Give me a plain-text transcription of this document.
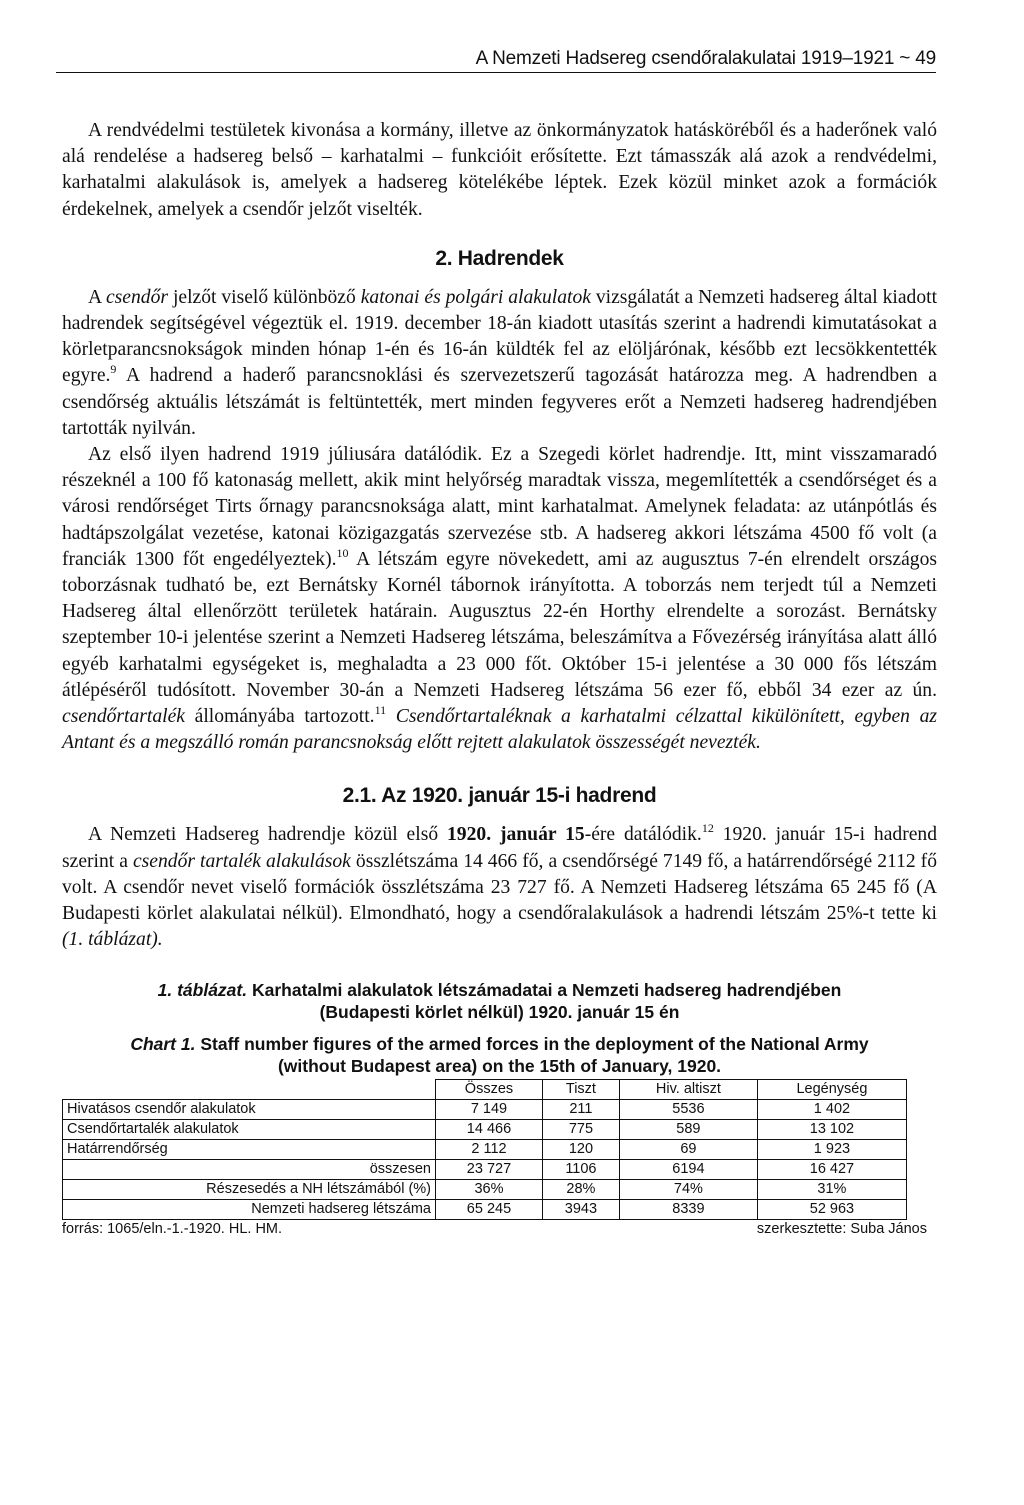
A Nemzeti Hadsereg csendőralakulatai 1919–1921 ~ 49

A rendvédelmi testületek kivonása a kormány, illetve az önkormányzatok hatásköréből és a haderőnek való alá rendelése a hadsereg belső – karhatalmi – funkcióit erősítette. Ezt támasszák alá azok a rendvédelmi, karhatalmi alakulások is, amelyek a hadsereg kötelékébe léptek. Ezek közül minket azok a formációk érdekelnek, amelyek a csendőr jelzőt viselték.

2. Hadrendek

A csendőr jelzőt viselő különböző katonai és polgári alakulatok vizsgálatát a Nemzeti hadsereg által kiadott hadrendek segítségével végeztük el. 1919. december 18-án kiadott utasítás szerint a hadrendi kimutatásokat a körletparancsnokságok minden hónap 1-én és 16-án küldték fel az elöljárónak, később ezt lecsökkentették egyre.$^9$ A hadrend a haderő parancsnoklási és szervezetszerű tagozását határozza meg. A hadrendben a csendőrség aktuális létszámát is feltüntették, mert minden fegyveres erőt a Nemzeti hadsereg hadrendjében tartották nyilván.

Az első ilyen hadrend 1919 júliusára datálódik. Ez a Szegedi körlet hadrendje. Itt, mint visszamaradó részeknél a 100 fő katonaság mellett, akik mint helyőrség maradtak vissza, megemlítették a csendőrséget és a városi rendőrséget Tirts őrnagy parancsnoksága alatt, mint karhatalmat. Amelynek feladata: az utánpótlás és hadtápszolgálat vezetése, katonai közigazgatás szervezése stb. A hadsereg akkori létszáma 4500 fő volt (a franciák 1300 főt engedélyeztek).$^{10}$ A létszám egyre növekedett, ami az augusztus 7-én elrendelt országos toborzásnak tudható be, ezt Bernátsky Kornél tábornok irányította. A toborzás nem terjedt túl a Nemzeti Hadsereg által ellenőrzött területek határain. Augusztus 22-én Horthy elrendelte a sorozást. Bernátsky szeptember 10-i jelentése szerint a Nemzeti Hadsereg létszáma, beleszámítva a Fővezérség irányítása alatt álló egyéb karhatalmi egységeket is, meghaladta a 23 000 főt. Október 15-i jelentése a 30 000 fős létszám átlépéséről tudósított. November 30-án a Nemzeti Hadsereg létszáma 56 ezer fő, ebből 34 ezer az ún. csendőrtartalék állományába tartozott.$^{11}$ Csendőrtartaléknak a karhatalmi célzattal kikülönített, egyben az Antant és a megszálló román parancsnokság előtt rejtett alakulatok összességét nevezték.

2.1. Az 1920. január 15-i hadrend

A Nemzeti Hadsereg hadrendje közül első 1920. január 15-ére datálódik.$^{12}$ 1920. január 15-i hadrend szerint a csendőr tartalék alakulások összlétszáma 14 466 fő, a csendőrségé 7149 fő, a határrendőrségé 2112 fő volt. A csendőr nevet viselő formációk összlétszáma 23 727 fő. A Nemzeti Hadsereg létszáma 65 245 fő (A Budapesti körlet alakulatai nélkül). Elmondható, hogy a csendőralakulások a hadrendi létszám 25%-t tette ki (1. táblázat).

1. táblázat. Karhatalmi alakulatok létszámadatai a Nemzeti hadsereg hadrendjében
(Budapesti körlet nélkül) 1920. január 15 én
Chart 1. Staff number figures of the armed forces in the deployment of the National Army
(without Budapest area) on the 15th of January, 1920.
	Összes	Tiszt	Hiv. altiszt	Legénység
Hivatásos csendőr alakulatok	7 149	211	5536	1 402
Csendőrtartalék alakulatok	14 466	775	589	13 102
Határrendőrség	2 112	120	69	1 923
összesen	23 727	1106	6194	16 427
Részesedés a NH létszámából (%)	36%	28%	74%	31%
Nemzeti hadsereg létszáma	65 245	3943	8339	52 963
forrás: 1065/eln.-1.-1920. HL. HM.	szerkesztette: Suba János
